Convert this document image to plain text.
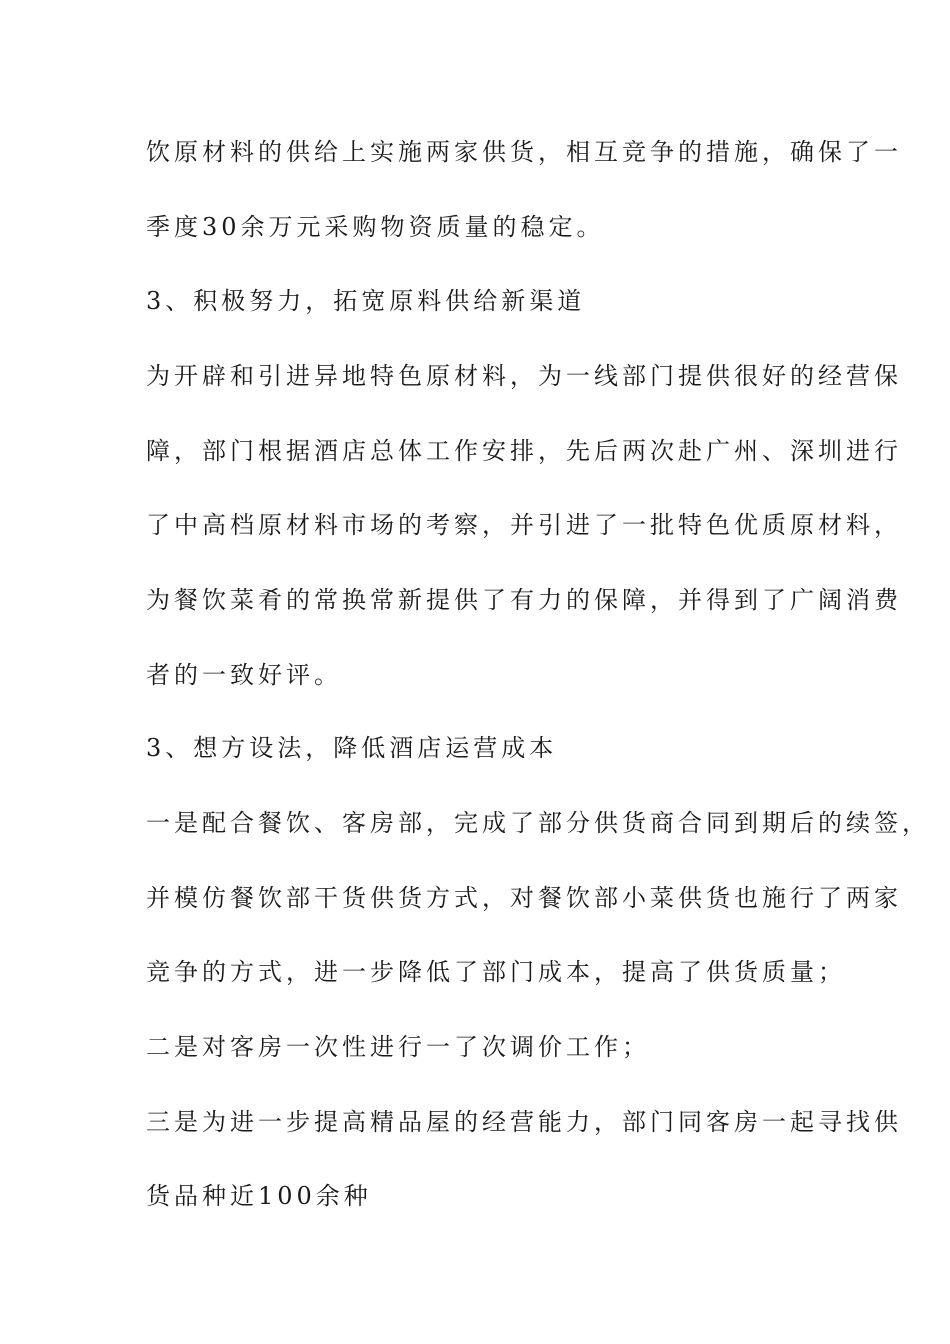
饮原材料的供给上实施两家供货，相互竞争的措施，确保了一
季度30余万元采购物资质量的稳定。
3、积极努力，拓宽原料供给新渠道
为开辟和引进异地特色原材料，为一线部门提供很好的经营保
障，部门根据酒店总体工作安排，先后两次赴广州、深圳进行
了中高档原材料市场的考察，并引进了一批特色优质原材料，
为餐饮菜肴的常换常新提供了有力的保障，并得到了广阔消费
者的一致好评。
3、想方设法，降低酒店运营成本
一是配合餐饮、客房部，完成了部分供货商合同到期后的续签，
并模仿餐饮部干货供货方式，对餐饮部小菜供货也施行了两家
竞争的方式，进一步降低了部门成本，提高了供货质量；
二是对客房一次性进行一了次调价工作；
三是为进一步提高精品屋的经营能力，部门同客房一起寻找供
货品种近100余种
